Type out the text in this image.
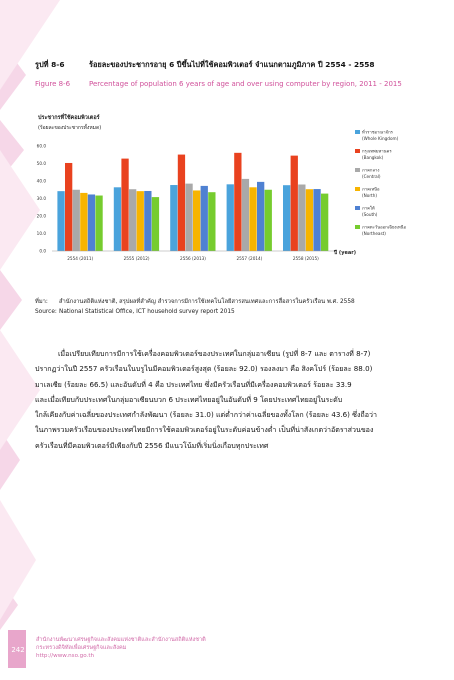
รูปที่ 8-6	ร้อยละของประชากรอายุ 6 ปีขึ้นไปที่ใช้คอมพิวเตอร์ จำแนกตามภูมิภาค ปี 2554 - 2558
Figure 8-6	Percentage of population 6 years of age and over using computer by region, 2011 - 2015
ประชากรที่ใช้คอมพิวเตอร์
(ร้อยละของประชากรทั้งหมด)
ปี (year)
0.0
10.0
20.0
30.0
40.0
50.0
60.0
2554 (2011)	2555 (2012)	2556 (2013)	2557 (2014)	2558 (2015)
ทั่วราชอาณาจักร
(Whole Kingdom)
กรุงเทพมหานคร
(Bangkok)
ภาคกลาง
(Central)
ภาคเหนือ
(North)
ภาคใต้
(South)
ภาคตะวันออกเฉียงเหนือ
(Northeast)
ที่มา: สำนักงานสถิติแห่งชาติ, สรุปผลที่สำคัญ สำรวจการมีการใช้เทคโนโลยีสารสนเทศและการสื่อสารในครัวเรือน พ.ศ. 2558
Source: National Statistical Office, ICT household survey report 2015

เมื่อเปรียบเทียบการมีการใช้เครื่องคอมพิวเตอร์ของประเทศในกลุ่มอาเซียน (รูปที่ 8-7 และ ตารางที่ 8-7)

ปรากฏว่าในปี 2557 ครัวเรือนในบรูไนมีคอมพิวเตอร์สูงสุด (ร้อยละ 92.0) รองลงมา คือ สิงคโปร์ (ร้อยละ 88.0)

มาเลเซีย (ร้อยละ 66.5) และอันดับที่ 4 คือ ประเทศไทย ซึ่งมีครัวเรือนที่มีเครื่องคอมพิวเตอร์ ร้อยละ 33.9

และเมื่อเทียบกับประเทศในกลุ่มอาเซียนบวก 6 ประเทศไทยอยู่ในอันดับที่ 9 โดยประเทศไทยอยู่ในระดับ

ใกล้เคียงกับค่าเฉลี่ยของประเทศกำลังพัฒนา (ร้อยละ 31.0) แต่ต่ำกว่าค่าเฉลี่ยของทั้งโลก (ร้อยละ 43.6) ซึ่งถือว่า

ในภาพรวมครัวเรือนของประเทศไทยมีการใช้คอมพิวเตอร์อยู่ในระดับค่อนข้างต่ำ เป็นที่น่าสังเกตว่าอัตราส่วนของ

ครัวเรือนที่มีคอมพิวเตอร์มีเพียงกับปี 2556 มีแนวโน้มที่เริ่มนิ่งเกือบทุกประเทศ

242
สำนักงานพัฒนาเศรษฐกิจและสังคมแห่งชาติและสำนักงานสถิติแห่งชาติ
กระทรวงดิจิทัลเพื่อเศรษฐกิจและสังคม
http://www.nso.go.th
